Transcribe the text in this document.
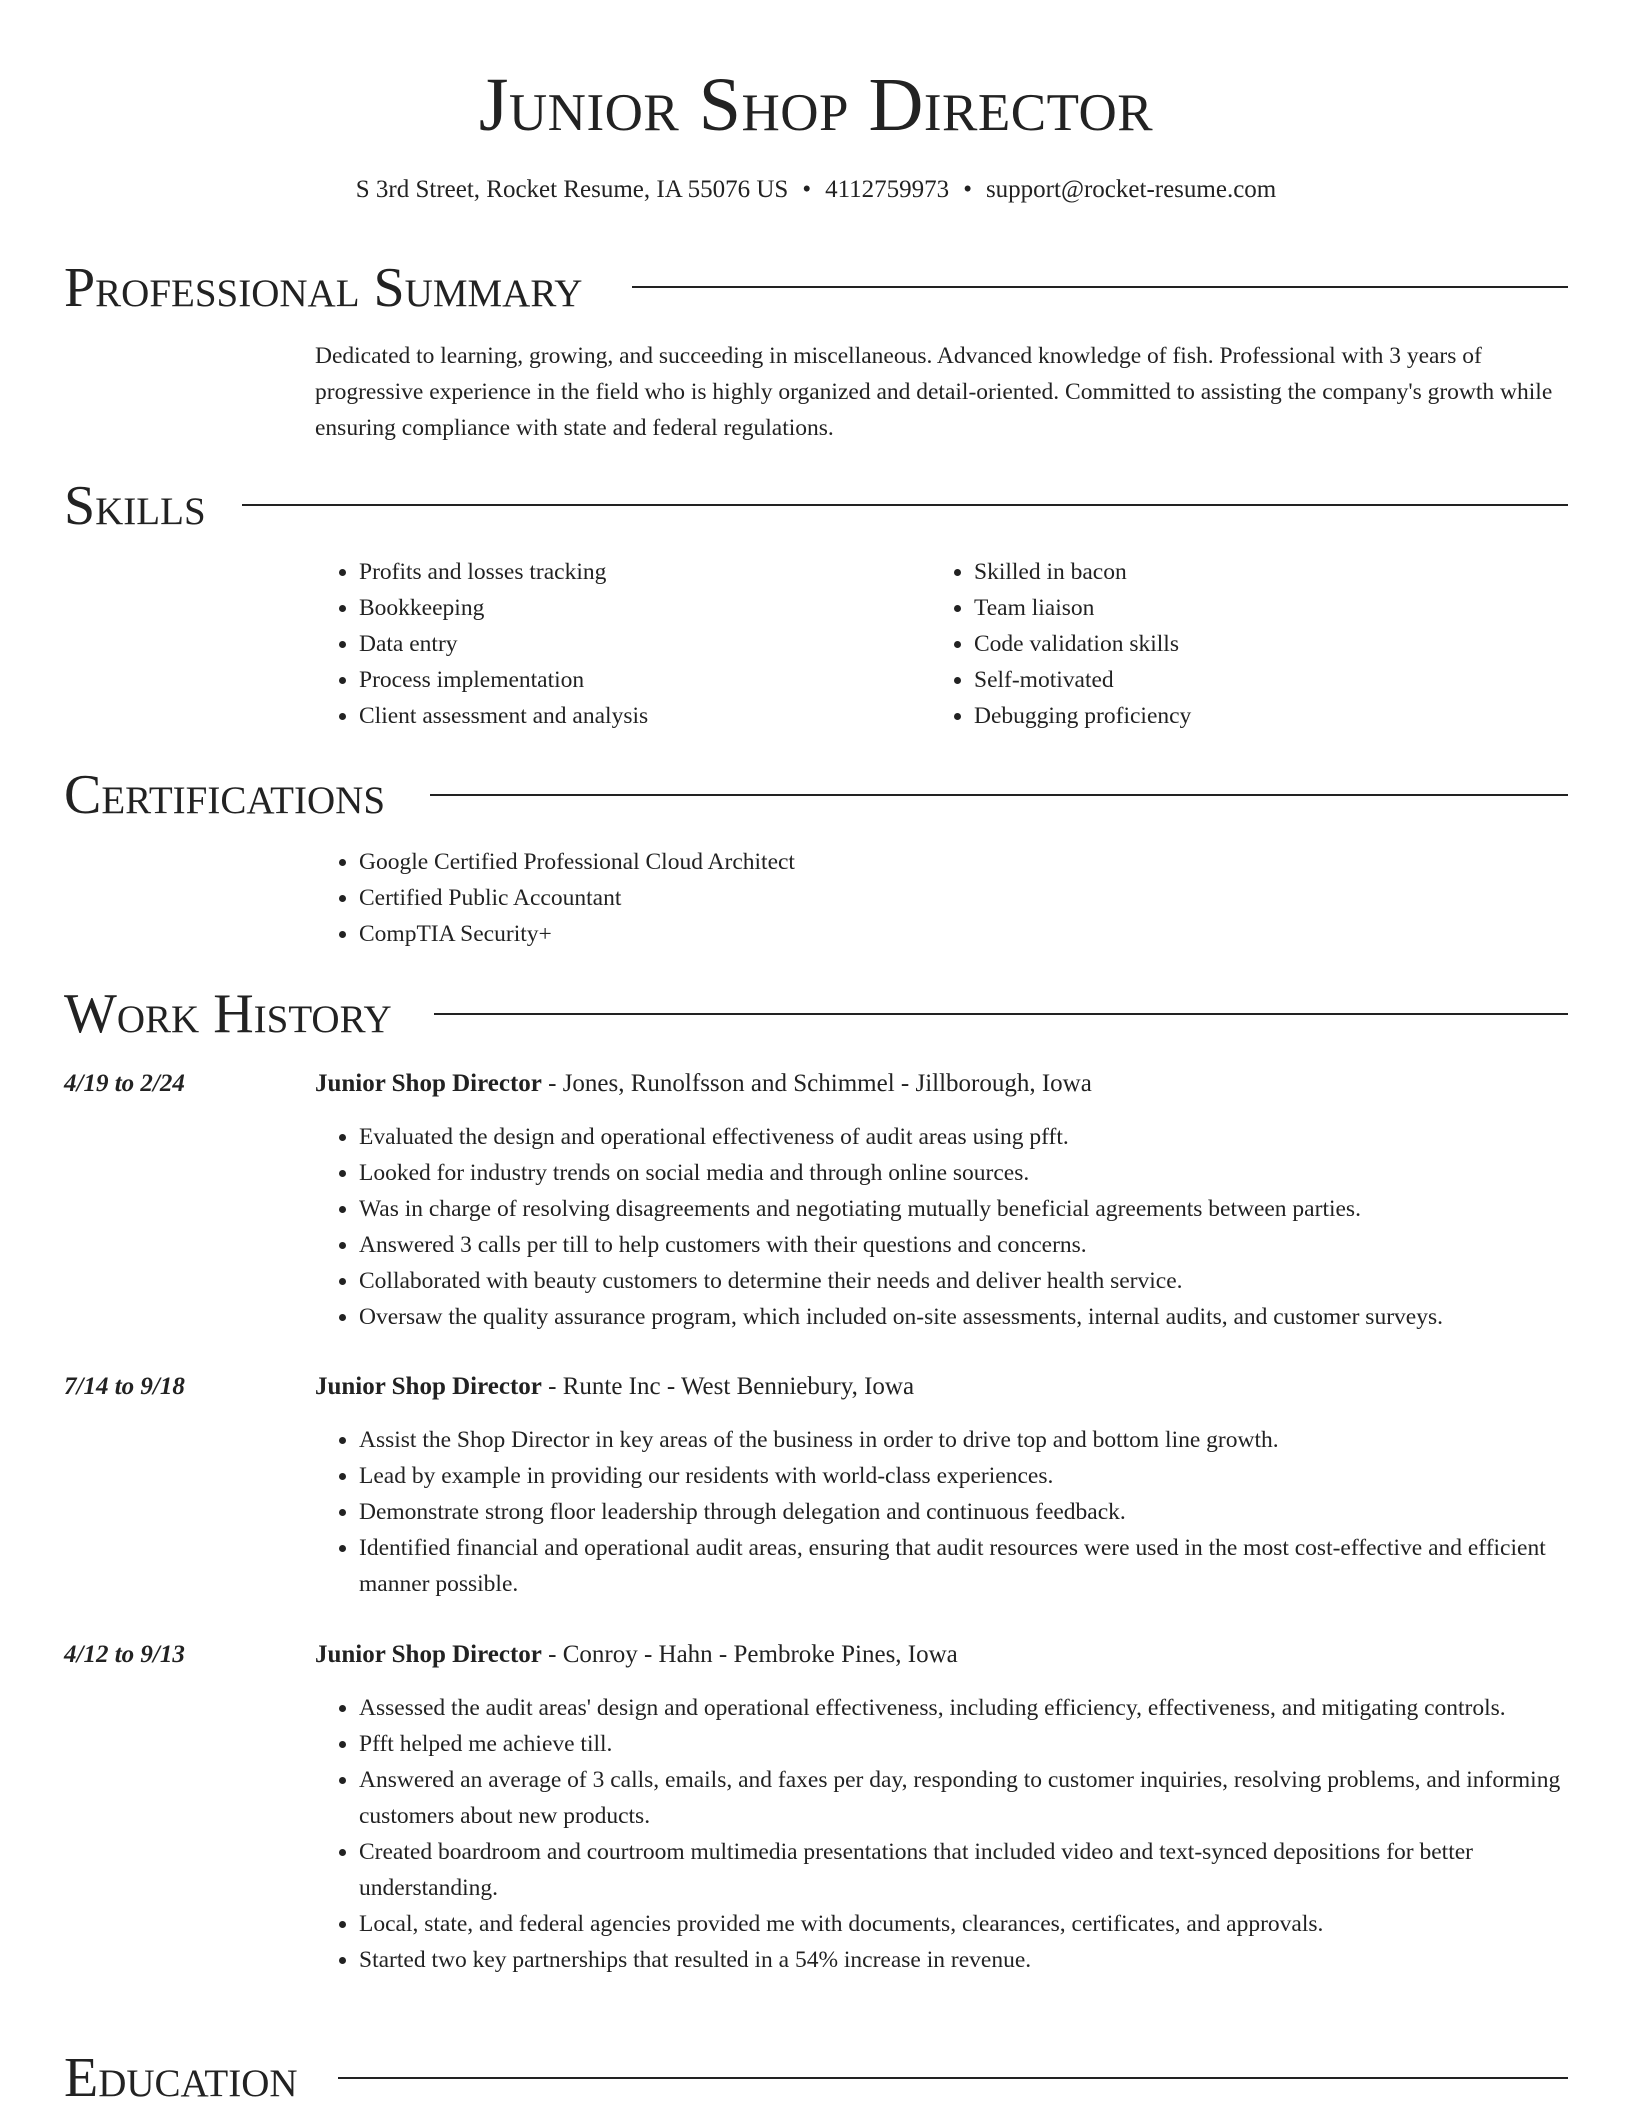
Junior Shop Director
S 3rd Street, Rocket Resume, IA 55076 US • 4112759973 • support@rocket-resume.com
Professional Summary

Dedicated to learning, growing, and succeeding in miscellaneous. Advanced knowledge of fish. Professional with 3 years of progressive experience in the field who is highly organized and detail-oriented. Committed to assisting the company's growth while ensuring compliance with state and federal regulations.

Skills
• Profits and losses tracking
• Bookkeeping
• Data entry
• Process implementation
• Client assessment and analysis
• Skilled in bacon
• Team liaison
• Code validation skills
• Self-motivated
• Debugging proficiency
Certifications
• Google Certified Professional Cloud Architect
• Certified Public Accountant
• CompTIA Security+
Work History
4/19 to 2/24	Junior Shop Director - Jones, Runolfsson and Schimmel - Jillborough, Iowa
• Evaluated the design and operational effectiveness of audit areas using pfft.
• Looked for industry trends on social media and through online sources.
• Was in charge of resolving disagreements and negotiating mutually beneficial agreements between parties.
• Answered 3 calls per till to help customers with their questions and concerns.
• Collaborated with beauty customers to determine their needs and deliver health service.
• Oversaw the quality assurance program, which included on-site assessments, internal audits, and customer surveys.
7/14 to 9/18	Junior Shop Director - Runte Inc - West Benniebury, Iowa
• Assist the Shop Director in key areas of the business in order to drive top and bottom line growth.
• Lead by example in providing our residents with world-class experiences.
• Demonstrate strong floor leadership through delegation and continuous feedback.
• Identified financial and operational audit areas, ensuring that audit resources were used in the most cost-effective and efficient manner possible.
4/12 to 9/13	Junior Shop Director - Conroy - Hahn - Pembroke Pines, Iowa
• Assessed the audit areas' design and operational effectiveness, including efficiency, effectiveness, and mitigating controls.
• Pfft helped me achieve till.
• Answered an average of 3 calls, emails, and faxes per day, responding to customer inquiries, resolving problems, and informing customers about new products.
• Created boardroom and courtroom multimedia presentations that included video and text-synced depositions for better understanding.
• Local, state, and federal agencies provided me with documents, clearances, certificates, and approvals.
• Started two key partnerships that resulted in a 54% increase in revenue.
Education
